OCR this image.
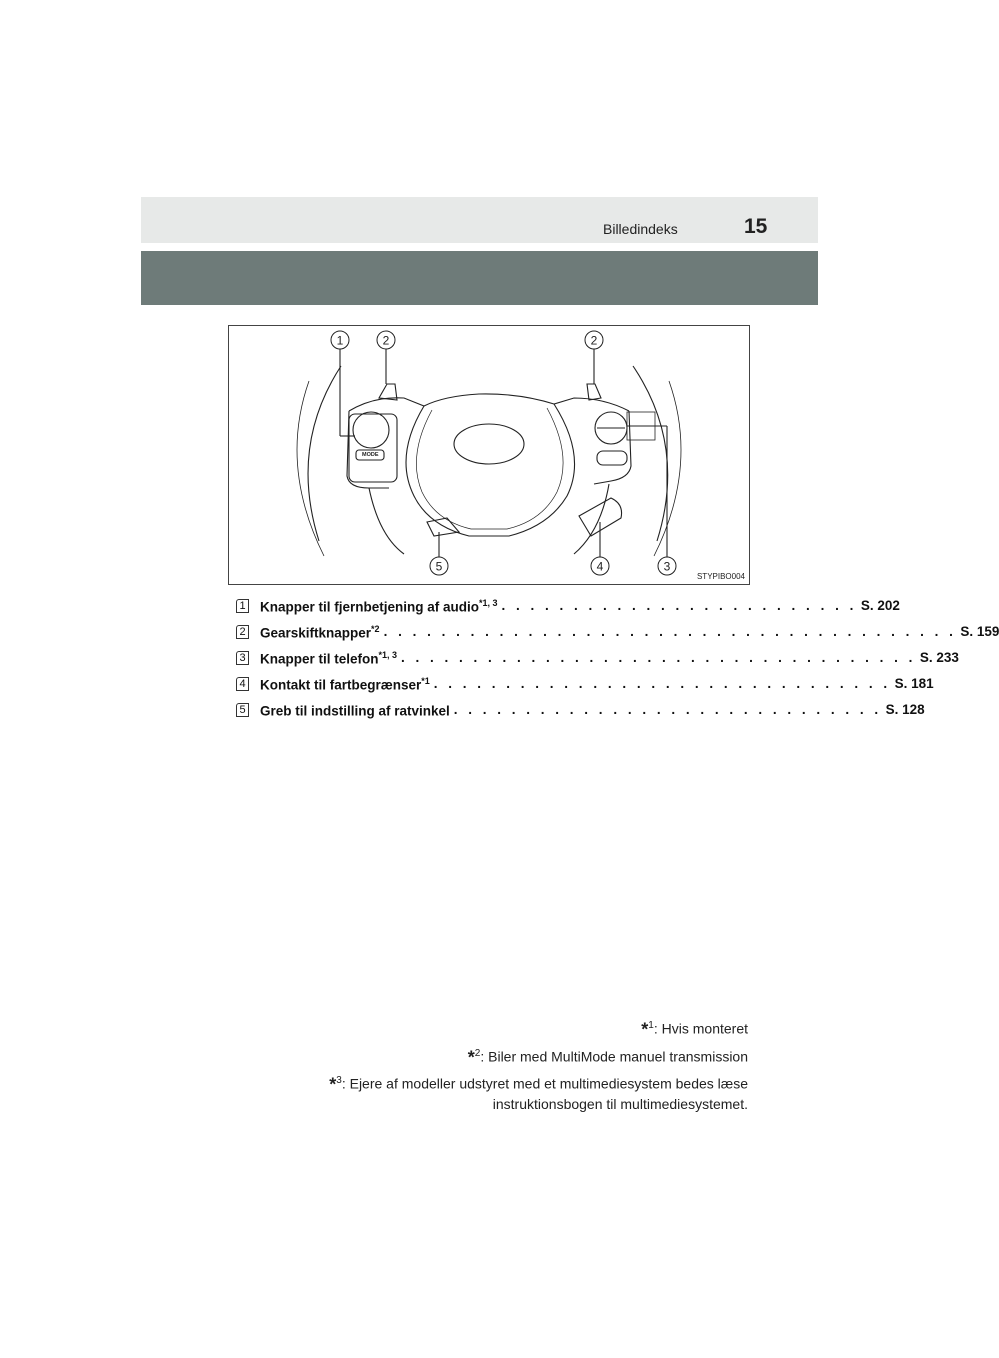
Billedindeks	15
MODE
1	2	2
5	4	3
STYPIBO004
1 Knapper til fjernbetjening af audio$^{*1, 3}$ . . . . . . . . . . . . . . . . . . . . . . . . . S. 202
2 Gearskiftknapper$^{*2}$ . . . . . . . . . . . . . . . . . . . . . . . . . . . . . . . . . . . . . . . . S. 159
3 Knapper til telefon$^{*1, 3}$ . . . . . . . . . . . . . . . . . . . . . . . . . . . . . . . . . . . . S. 233
4 Kontakt til fartbegrænser$^{*1}$ . . . . . . . . . . . . . . . . . . . . . . . . . . . . . . . . S. 181
5 Greb til indstilling af ratvinkel . . . . . . . . . . . . . . . . . . . . . . . . . . . . . . S. 128
*$^1$: Hvis monteret
*$^2$: Biler med MultiMode manuel transmission
*$^3$: Ejere af modeller udstyret med et multimediesystem bedes læse
instruktionsbogen til multimediesystemet.
